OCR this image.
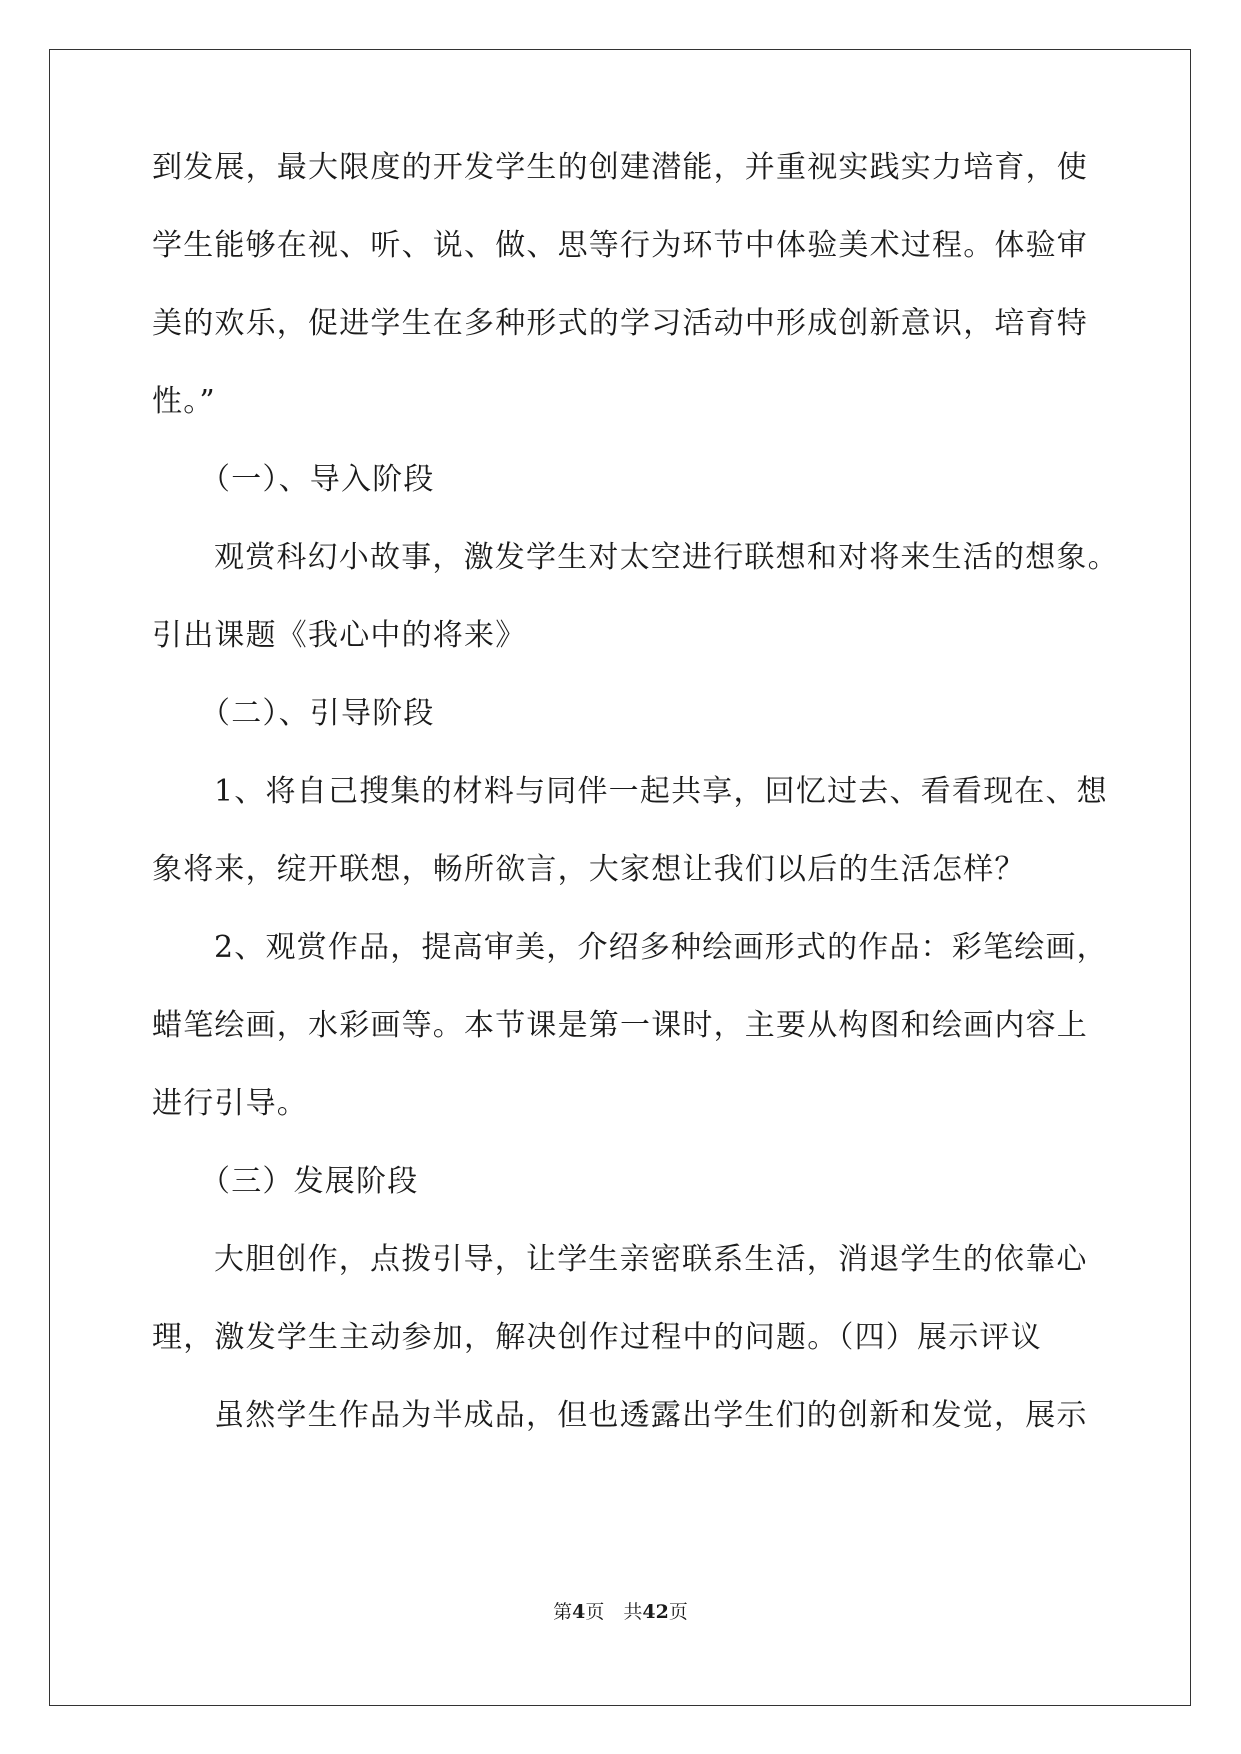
到发展，最大限度的开发学生的创建潜能，并重视实践实力培育，使
学生能够在视、听、说、做、思等行为环节中体验美术过程。体验审
美的欢乐，促进学生在多种形式的学习活动中形成创新意识，培育特
性。”
（一）、导入阶段
观赏科幻小故事，激发学生对太空进行联想和对将来生活的想象。
引出课题《我心中的将来》
（二）、引导阶段
1、将自己搜集的材料与同伴一起共享，回忆过去、看看现在、想
象将来，绽开联想，畅所欲言，大家想让我们以后的生活怎样？
2、观赏作品，提高审美，介绍多种绘画形式的作品：彩笔绘画，
蜡笔绘画，水彩画等。本节课是第一课时，主要从构图和绘画内容上
进行引导。
（三）发展阶段
大胆创作，点拨引导，让学生亲密联系生活，消退学生的依靠心
理，激发学生主动参加，解决创作过程中的问题。（四）展示评议
虽然学生作品为半成品，但也透露出学生们的创新和发觉，展示
第4页　共42页
